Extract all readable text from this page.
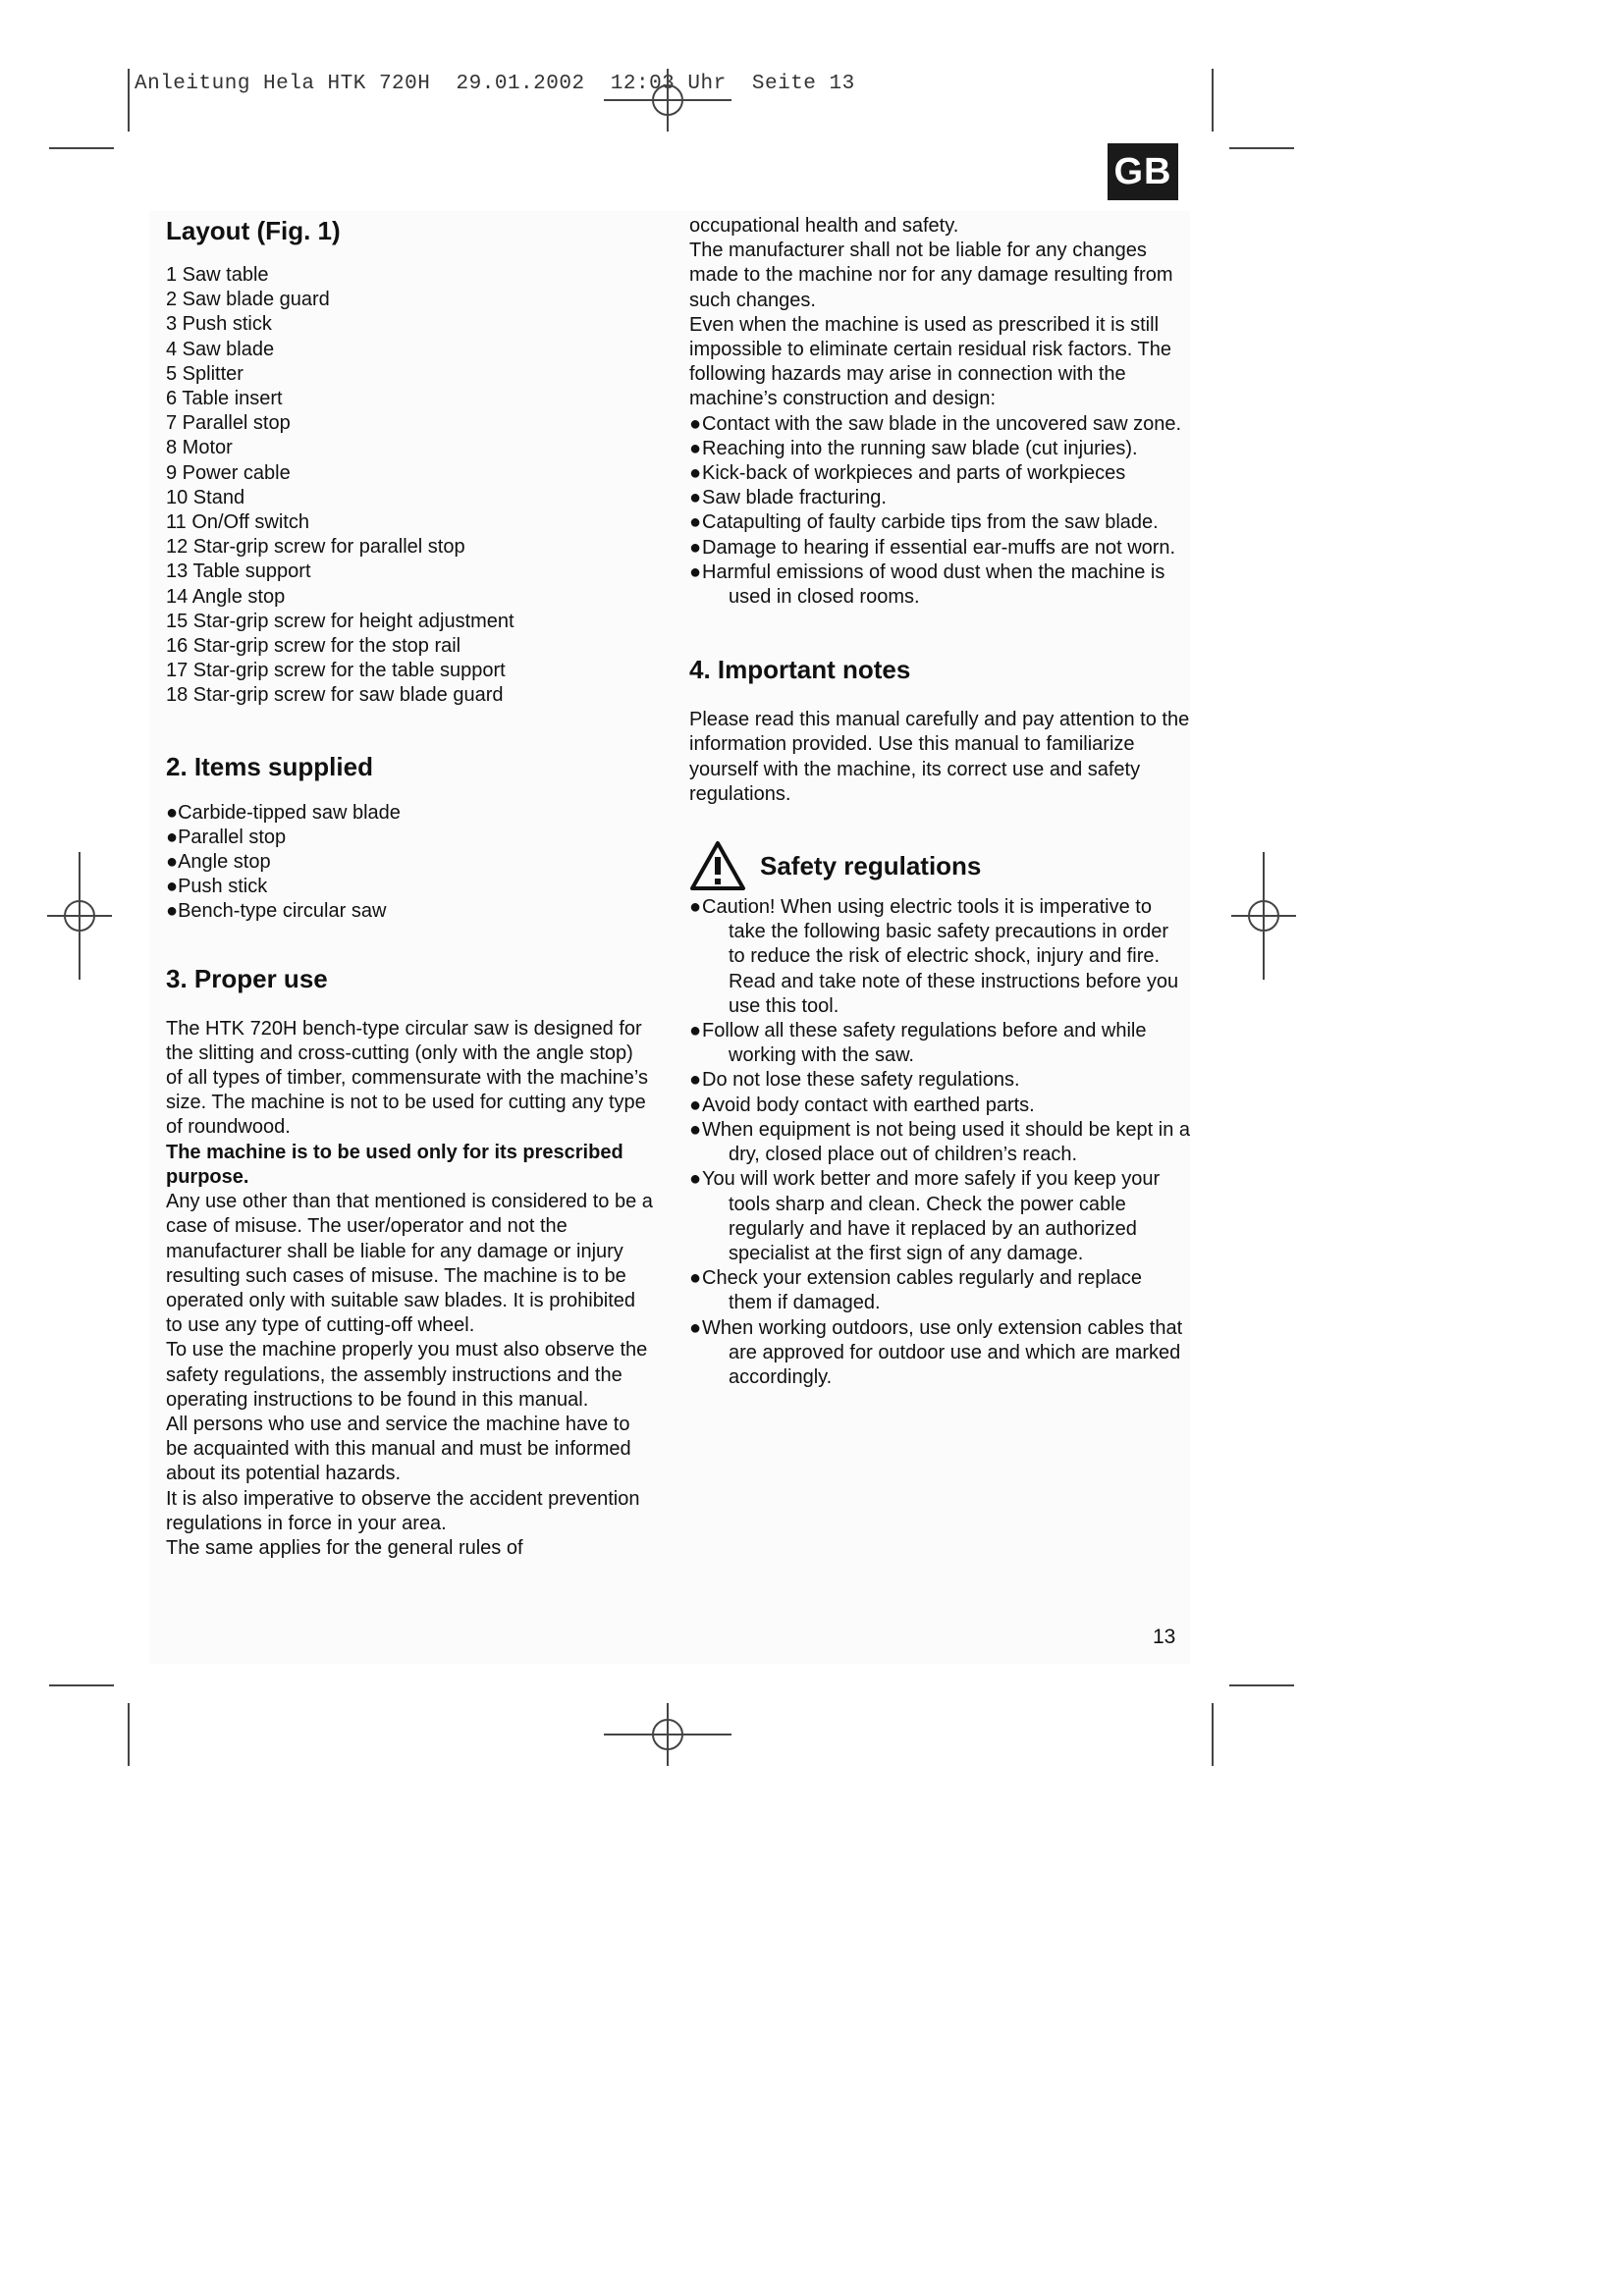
Anleitung Hela HTK 720H  29.01.2002  12:03 Uhr  Seite 13
GB
Layout (Fig. 1)
1 Saw table
2 Saw blade guard
3 Push stick
4 Saw blade
5 Splitter
6 Table insert
7 Parallel stop
8 Motor
9 Power cable
10 Stand
11 On/Off switch
12 Star-grip screw for parallel stop
13 Table support
14 Angle stop
15 Star-grip screw for height adjustment
16 Star-grip screw for the stop rail
17 Star-grip screw for the table support
18 Star-grip screw for saw blade guard
2. Items supplied
●Carbide-tipped saw blade
●Parallel stop
●Angle stop
●Push stick
●Bench-type circular saw
3. Proper use

The HTK 720H bench-type circular saw is designed for the slitting and cross-cutting (only with the angle stop) of all types of timber, commensurate with the machine’s size. The machine is not to be used for cutting any type of roundwood.

The machine is to be used only for its prescribed purpose.

Any use other than that mentioned is considered to be a case of misuse. The user/operator and not the manufacturer shall be liable for any damage or injury resulting such cases of misuse. The machine is to be operated only with suitable saw blades. It is prohibited to use any type of cutting-off wheel.

To use the machine properly you must also observe the safety regulations, the assembly instructions and the operating instructions to be found in this manual.

All persons who use and service the machine have to be acquainted with this manual and must be informed about its potential hazards.

It is also imperative to observe the accident prevention regulations in force in your area.

The same applies for the general rules of

occupational health and safety.

The manufacturer shall not be liable for any changes made to the machine nor for any damage resulting from such changes.

Even when the machine is used as prescribed it is still impossible to eliminate certain residual risk factors. The following hazards may arise in connection with the machine’s construction and design:

●Contact with the saw blade in the uncovered saw zone.
●Reaching into the running saw blade (cut injuries).
●Kick-back of workpieces and parts of workpieces
●Saw blade fracturing.
●Catapulting of faulty carbide tips from the saw blade.
●Damage to hearing if essential ear-muffs are not worn.
●Harmful emissions of wood dust when the machine is used in closed rooms.
4. Important notes

Please read this manual carefully and pay attention to the information provided. Use this manual to familiarize yourself with the machine, its correct use and safety regulations.

Safety regulations
●Caution! When using electric tools it is imperative to take the following basic safety precautions in order to reduce the risk of electric shock, injury and fire. Read and take note of these instructions before you use this tool.
●Follow all these safety regulations before and while working with the saw.
●Do not lose these safety regulations.
●Avoid body contact with earthed parts.
●When equipment is not being used it should be kept in a dry, closed place out of children’s reach.
●You will work better and more safely if you keep your tools sharp and clean. Check the power cable regularly and have it replaced by an authorized specialist at the first sign of any damage.
●Check your extension cables regularly and replace them if damaged.
●When working outdoors, use only extension cables that are approved for outdoor use and which are marked accordingly.
13
